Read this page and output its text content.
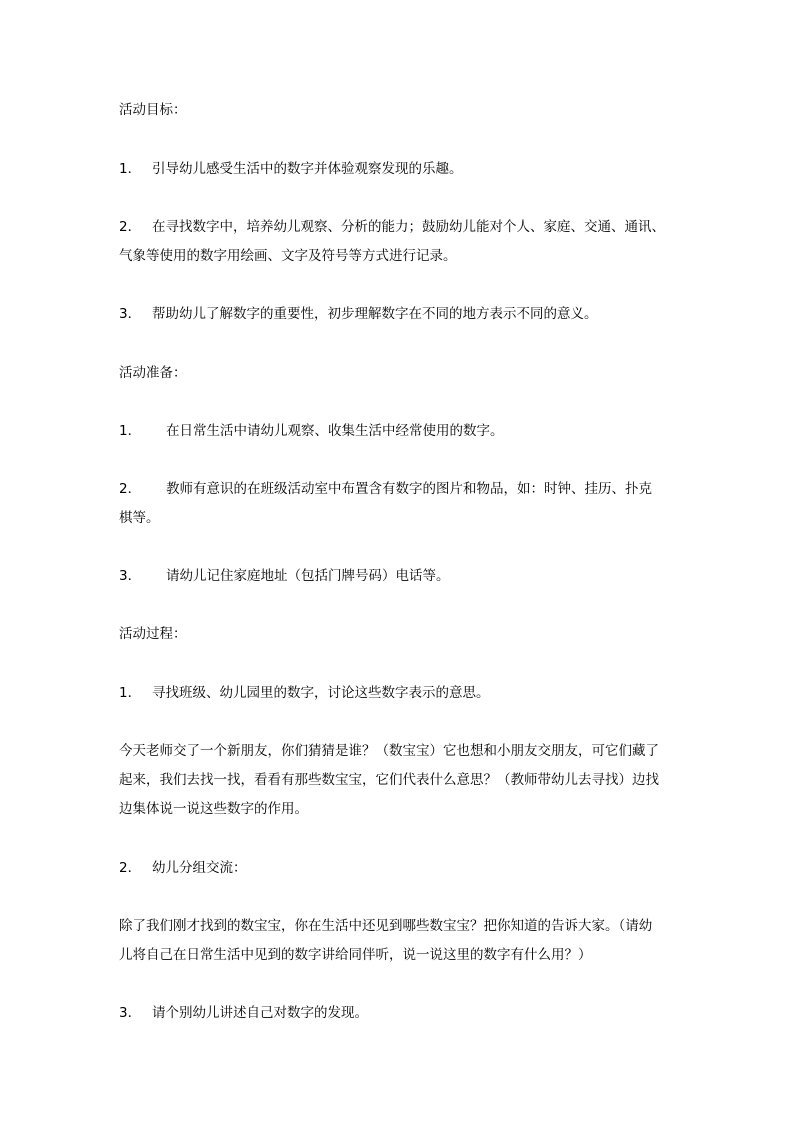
活动目标：
1． 引导幼儿感受生活中的数字并体验观察发现的乐趣。
2． 在寻找数字中，培养幼儿观察、分析的能力；鼓励幼儿能对个人、家庭、交通、通讯、
气象等使用的数字用绘画、文字及符号等方式进行记录。
3． 帮助幼儿了解数字的重要性，初步理解数字在不同的地方表示不同的意义。
活动准备：
1． 在日常生活中请幼儿观察、收集生活中经常使用的数字。
2． 教师有意识的在班级活动室中布置含有数字的图片和物品，如：时钟、挂历、扑克
棋等。
3． 请幼儿记住家庭地址（包括门牌号码）电话等。
活动过程：
1． 寻找班级、幼儿园里的数字，讨论这些数字表示的意思。
今天老师交了一个新朋友，你们猜猜是谁？（数宝宝）它也想和小朋友交朋友，可它们藏了
起来，我们去找一找，看看有那些数宝宝，它们代表什么意思？（教师带幼儿去寻找）边找
边集体说一说这些数字的作用。
2． 幼儿分组交流：
除了我们刚才找到的数宝宝，你在生活中还见到哪些数宝宝？把你知道的告诉大家。（请幼
儿将自己在日常生活中见到的数字讲给同伴听，说一说这里的数字有什么用？）
3． 请个别幼儿讲述自己对数字的发现。
